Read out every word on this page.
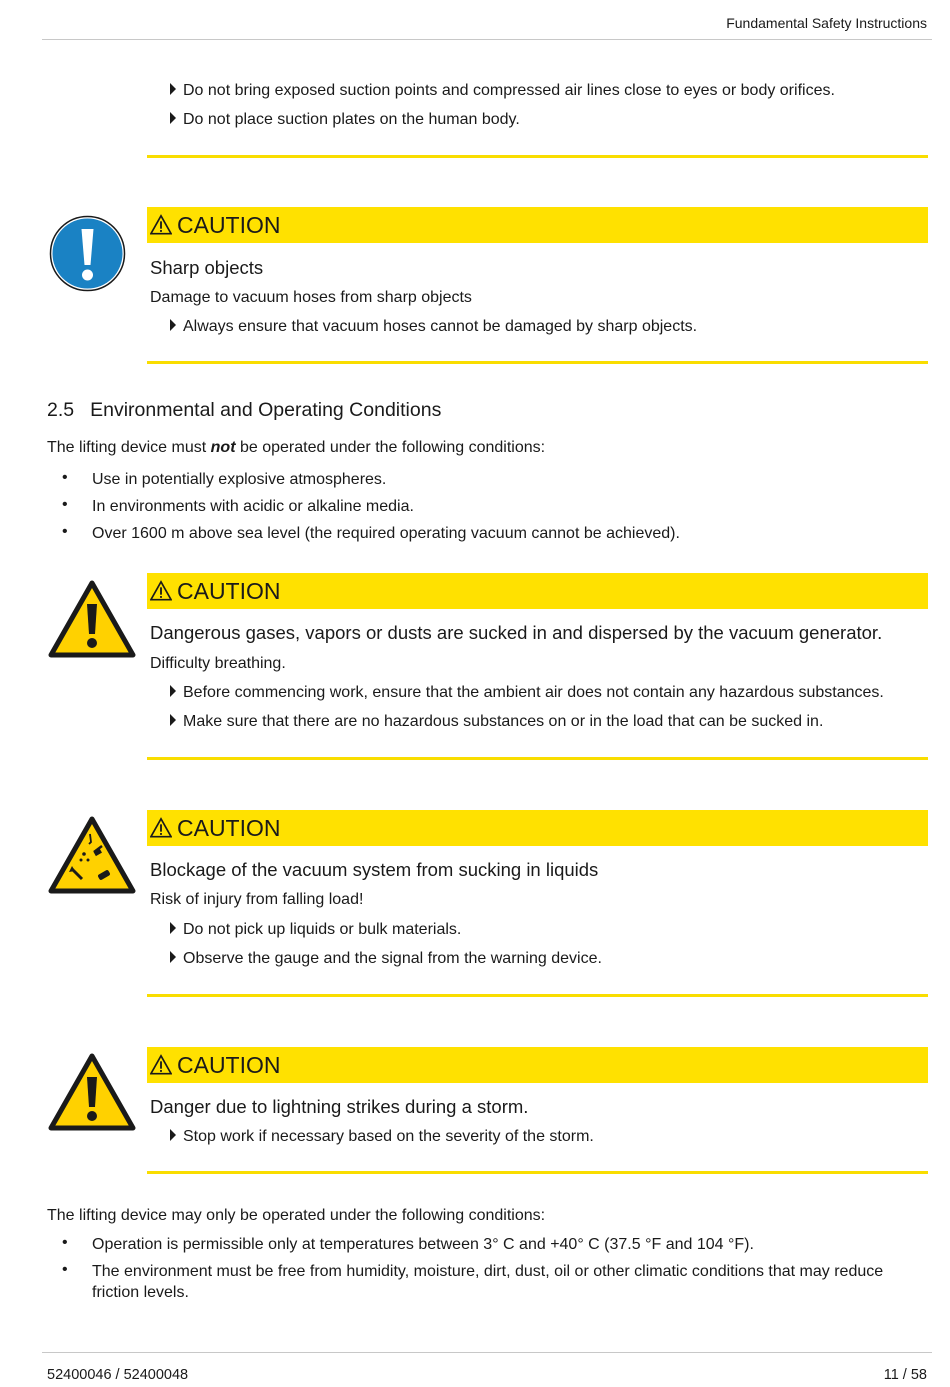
Fundamental Safety Instructions
Do not bring exposed suction points and compressed air lines close to eyes or body orifices.
Do not place suction plates on the human body.
CAUTION
Sharp objects
Damage to vacuum hoses from sharp objects
Always ensure that vacuum hoses cannot be damaged by sharp objects.
2.5 Environmental and Operating Conditions
The lifting device must not be operated under the following conditions:
• Use in potentially explosive atmospheres.
• In environments with acidic or alkaline media.
• Over 1600 m above sea level (the required operating vacuum cannot be achieved).
CAUTION
Dangerous gases, vapors or dusts are sucked in and dispersed by the vacuum generator.
Difficulty breathing.
Before commencing work, ensure that the ambient air does not contain any hazardous substances.
Make sure that there are no hazardous substances on or in the load that can be sucked in.
CAUTION
Blockage of the vacuum system from sucking in liquids
Risk of injury from falling load!
Do not pick up liquids or bulk materials.
Observe the gauge and the signal from the warning device.
CAUTION
Danger due to lightning strikes during a storm.
Stop work if necessary based on the severity of the storm.
The lifting device may only be operated under the following conditions:
• Operation is permissible only at temperatures between 3° C and +40° C (37.5 °F and 104 °F).
• The environment must be free from humidity, moisture, dirt, dust, oil or other climatic conditions that may reduce friction levels.
52400046 / 52400048	11 / 58
